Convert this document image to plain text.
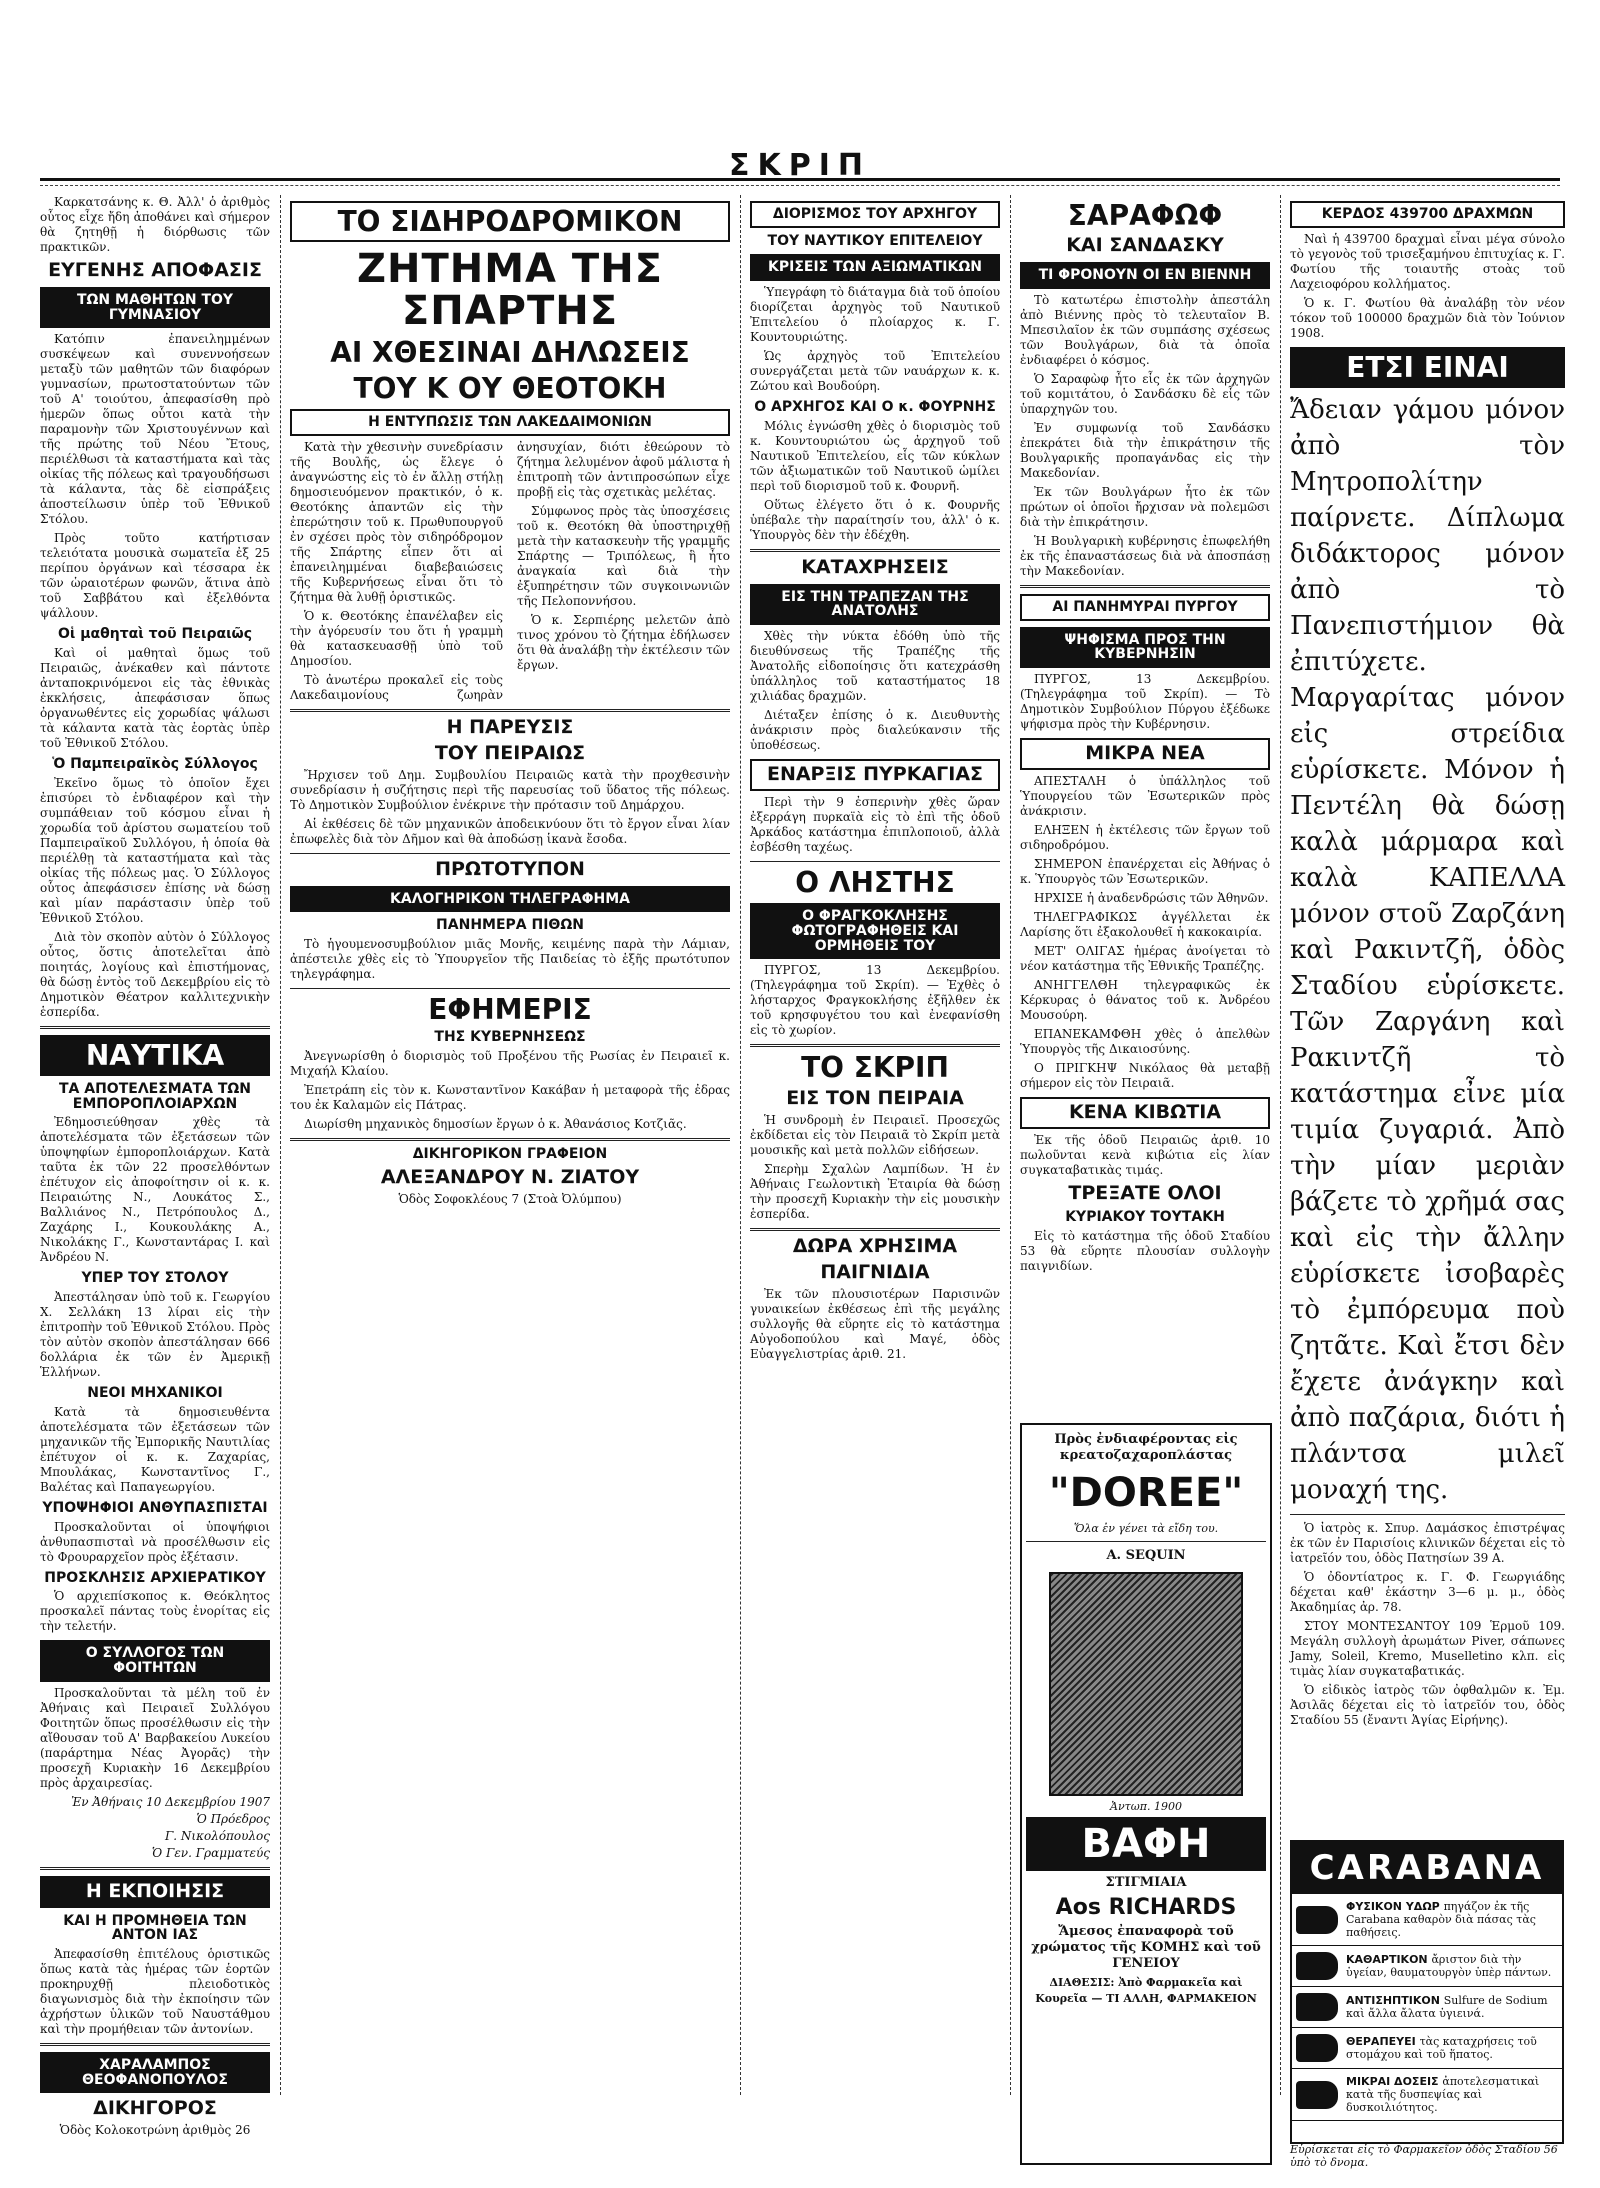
ΣΚΡΙΠ

Καρκατσάνης κ. Θ. Ἀλλ' ὁ ἀριθμὸς οὗτος εἶχε ἤδη ἀποθάνει καὶ σήμερον θὰ ζητηθῇ ἡ διόρθωσις τῶν πρακτικῶν.

ΕΥΓΕΝΗΣ ΑΠΟΦΑΣΙΣ
ΤΩΝ ΜΑΘΗΤΩΝ ΤΟΥ ΓΥΜΝΑΣΙΟΥ

Κατόπιν ἐπανειλημμένων συσκέψεων καὶ συνεννοήσεων μεταξὺ τῶν μαθητῶν τῶν διαφόρων γυμνασίων, πρωτοστατούντων τῶν τοῦ Α' τοιούτου, ἀπεφασίσθη πρὸ ἡμερῶν ὅπως οὗτοι κατὰ τὴν παραμονὴν τῶν Χριστουγέννων καὶ τῆς πρώτης τοῦ Νέου Ἔτους, περιέλθωσι τὰ καταστήματα καὶ τὰς οἰκίας τῆς πόλεως καὶ τραγουδήσωσι τὰ κάλαντα, τὰς δὲ εἰσπράξεις ἀποστείλωσιν ὑπὲρ τοῦ Ἐθνικοῦ Στόλου.

Πρὸς τοῦτο κατήρτισαν τελειότατα μουσικὰ σωματεῖα ἐξ 25 περίπου ὀργάνων καὶ τέσσαρα ἐκ τῶν ὡραιοτέρων φωνῶν, ἅτινα ἀπὸ τοῦ Σαββάτου καὶ ἐξελθόντα ψάλλουν.

Οἱ μαθηταὶ τοῦ Πειραιῶς

Καὶ οἱ μαθηταὶ ὅμως τοῦ Πειραιῶς, ἀνέκαθεν καὶ πάντοτε ἀνταποκρινόμενοι εἰς τὰς ἐθνικὰς ἐκκλήσεις, ἀπεφάσισαν ὅπως ὀργανωθέντες εἰς χορωδίας ψάλωσι τὰ κάλαντα κατὰ τὰς ἑορτὰς ὑπὲρ τοῦ Ἐθνικοῦ Στόλου.

Ὁ Παμπειραϊκὸς Σύλλογος

Ἐκεῖνο ὅμως τὸ ὁποῖον ἔχει ἐπισύρει τὸ ἐνδιαφέρον καὶ τὴν συμπάθειαν τοῦ κόσμου εἶναι ἡ χορωδία τοῦ ἀρίστου σωματείου τοῦ Παμπειραϊκοῦ Συλλόγου, ἡ ὁποία θὰ περιέλθῃ τὰ καταστήματα καὶ τὰς οἰκίας τῆς πόλεως μας. Ὁ Σύλλογος οὗτος ἀπεφάσισεν ἐπίσης νὰ δώσῃ καὶ μίαν παράστασιν ὑπὲρ τοῦ Ἐθνικοῦ Στόλου.

Διὰ τὸν σκοπὸν αὐτὸν ὁ Σύλλογος οὗτος, ὅστις ἀποτελεῖται ἀπὸ ποιητάς, λογίους καὶ ἐπιστήμονας, θὰ δώσῃ ἐντὸς τοῦ Δεκεμβρίου εἰς τὸ Δημοτικὸν Θέατρον καλλιτεχνικὴν ἑσπερίδα.

ΝΑΥΤΙΚΑ
ΤΑ ΑΠΟΤΕΛΕΣΜΑΤΑ ΤΩΝ ΕΜΠΟΡΟΠΛΟΙΑΡΧΩΝ

Ἐδημοσιεύθησαν χθὲς τὰ ἀποτελέσματα τῶν ἐξετάσεων τῶν ὑποψηφίων ἐμποροπλοιάρχων. Κατὰ ταῦτα ἐκ τῶν 22 προσελθόντων ἐπέτυχον εἰς ἀποφοίτησιν οἱ κ. κ. Πειραιώτης Ν., Λουκάτος Σ., Βαλλιάνος Ν., Πετρόπουλος Δ., Ζαχάρης Ι., Κουκουλάκης Α., Νικολάκης Γ., Κωνσταντάρας Ι. καὶ Ἀνδρέου Ν.

ΥΠΕΡ ΤΟΥ ΣΤΟΛΟΥ

Ἀπεστάλησαν ὑπὸ τοῦ κ. Γεωργίου Χ. Σελλάκη 13 λίραι εἰς τὴν ἐπιτροπὴν τοῦ Ἐθνικοῦ Στόλου. Πρὸς τὸν αὐτὸν σκοπὸν ἀπεστάλησαν 666 δολλάρια ἐκ τῶν ἐν Ἀμερικῇ Ἑλλήνων.

ΝΕΟΙ ΜΗΧΑΝΙΚΟΙ

Κατὰ τὰ δημοσιευθέντα ἀποτελέσματα τῶν ἐξετάσεων τῶν μηχανικῶν τῆς Ἐμπορικῆς Ναυτιλίας ἐπέτυχον οἱ κ. κ. Ζαχαρίας, Μπουλάκας, Κωνσταντῖνος Γ., Βαλέτας καὶ Παπαγεωργίου.

ΥΠΟΨΗΦΙΟΙ ΑΝΘΥΠΑΣΠΙΣΤΑΙ

Προσκαλοῦνται οἱ ὑποψήφιοι ἀνθυπασπισταὶ νὰ προσέλθωσιν εἰς τὸ Φρουραρχεῖον πρὸς ἐξέτασιν.

ΠΡΟΣΚΛΗΣΙΣ ΑΡΧΙΕΡΑΤΙΚΟΥ

Ὁ αρχιεπίσκοπος κ. Θεόκλητος προσκαλεῖ πάντας τοὺς ἐνορίτας εἰς τὴν τελετήν.

Ο ΣΥΛΛΟΓΟΣ ΤΩΝ ΦΟΙΤΗΤΩΝ

Προσκαλοῦνται τὰ μέλη τοῦ ἐν Ἀθήναις καὶ Πειραιεῖ Συλλόγου Φοιτητῶν ὅπως προσέλθωσιν εἰς τὴν αἴθουσαν τοῦ Α' Βαρβακείου Λυκείου (παράρτημα Νέας Ἀγορᾶς) τὴν προσεχῆ Κυριακὴν 16 Δεκεμβρίου πρὸς ἀρχαιρεσίας.

Ἐν Ἀθήναις 10 Δεκεμβρίου 1907

Ὁ Πρόεδρος

Γ. Νικολόπουλος

Ὁ Γεν. Γραμματεύς

Η ΕΚΠΟΙΗΣΙΣ
ΚΑΙ Η ΠΡΟΜΗΘΕΙΑ ΤΩΝ ΑΝΤΟΝ ΙΑΣ

Ἀπεφασίσθη ἐπιτέλους ὁριστικῶς ὅπως κατὰ τὰς ἡμέρας τῶν ἑορτῶν προκηρυχθῇ πλειοδοτικὸς διαγωνισμὸς διὰ τὴν ἐκποίησιν τῶν ἀχρήστων ὑλικῶν τοῦ Ναυστάθμου καὶ τὴν προμήθειαν τῶν ἀντονίων.

ΧΑΡΑΛΑΜΠΟΣ ΘΕΟΦΑΝΟΠΟΥΛΟΣ
ΔΙΚΗΓΟΡΟΣ

Ὁδὸς Κολοκοτρώνη ἀριθμὸς 26

ΤΟ ΣΙΔΗΡΟΔΡΟΜΙΚΟΝ
ΖΗΤΗΜΑ ΤΗΣ ΣΠΑΡΤΗΣ
ΑΙ ΧΘΕΣΙΝΑΙ ΔΗΛΩΣΕΙΣ
ΤΟΥ Κ ΟΥ ΘΕΟΤΟΚΗ
Η ΕΝΤΥΠΩΣΙΣ ΤΩΝ ΛΑΚΕΔΑΙΜΟΝΙΩΝ

Κατὰ τὴν χθεσινὴν συνεδρίασιν τῆς Βουλῆς, ὡς ἔλεγε ὁ ἀναγνώστης εἰς τὸ ἐν ἄλλῃ στήλῃ δημοσιευόμενον πρακτικόν, ὁ κ. Θεοτόκης ἀπαντῶν εἰς τὴν ἐπερώτησιν τοῦ κ. Πρωθυπουργοῦ ἐν σχέσει πρὸς τὸν σιδηρόδρομον τῆς Σπάρτης εἶπεν ὅτι αἱ ἐπανειλημμέναι διαβεβαιώσεις τῆς Κυβερνήσεως εἶναι ὅτι τὸ ζήτημα θὰ λυθῇ ὁριστικῶς.

Ὁ κ. Θεοτόκης ἐπανέλαβεν εἰς τὴν ἀγόρευσίν του ὅτι ἡ γραμμὴ θὰ κατασκευασθῇ ὑπὸ τοῦ Δημοσίου.

Τὸ ἀνωτέρω προκαλεῖ εἰς τοὺς Λακεδαιμονίους ζωηρὰν ἀνησυχίαν, διότι ἐθεώρουν τὸ ζήτημα λελυμένον ἀφοῦ μάλιστα ἡ ἐπιτροπὴ τῶν ἀντιπροσώπων εἶχε προβῇ εἰς τὰς σχετικὰς μελέτας.

Σύμφωνος πρὸς τὰς ὑποσχέσεις τοῦ κ. Θεοτόκη θὰ ὑποστηριχθῇ μετὰ τὴν κατασκευὴν τῆς γραμμῆς Σπάρτης — Τριπόλεως, ἣ ἦτο ἀναγκαία καὶ διὰ τὴν ἐξυπηρέτησιν τῶν συγκοινωνιῶν τῆς Πελοποννήσου.

Ὁ κ. Σερπιέρης μελετῶν ἀπὸ τινος χρόνου τὸ ζήτημα ἐδήλωσεν ὅτι θὰ ἀναλάβῃ τὴν ἐκτέλεσιν τῶν ἔργων.

Η ΠΑΡΕΥΣΙΣ
ΤΟΥ ΠΕΙΡΑΙΩΣ

Ἤρχισεν τοῦ Δημ. Συμβουλίου Πειραιῶς κατὰ τὴν προχθεσινὴν συνεδρίασιν ἡ συζήτησις περὶ τῆς παρευσίας τοῦ ὕδατος τῆς πόλεως. Τὸ Δημοτικὸν Συμβούλιον ἐνέκρινε τὴν πρότασιν τοῦ Δημάρχου.

Αἱ ἐκθέσεις δὲ τῶν μηχανικῶν ἀποδεικνύουν ὅτι τὸ ἔργον εἶναι λίαν ἐπωφελὲς διὰ τὸν Δῆμον καὶ θὰ ἀποδώσῃ ἱκανὰ ἔσοδα.

ΠΡΩΤΟΤΥΠΟΝ
ΚΑΛΟΓΗΡΙΚΟΝ ΤΗΛΕΓΡΑΦΗΜΑ
ΠΑΝΗΜΕΡΑ ΠΙΘΩΝ

Τὸ ἡγουμενοσυμβούλιον μιᾶς Μονῆς, κειμένης παρὰ τὴν Λάμιαν, ἀπέστειλε χθὲς εἰς τὸ Ὑπουργεῖον τῆς Παιδείας τὸ ἑξῆς πρωτότυπον τηλεγράφημα.

ΕΦΗΜΕΡΙΣ
ΤΗΣ ΚΥΒΕΡΝΗΣΕΩΣ

Ἀνεγνωρίσθη ὁ διορισμὸς τοῦ Προξένου τῆς Ρωσίας ἐν Πειραιεῖ κ. Μιχαήλ Κλαίου.

Ἐπετράπη εἰς τὸν κ. Κωνσταντῖνον Κακάβαν ἡ μεταφορὰ τῆς ἐδρας του ἐκ Καλαμῶν εἰς Πάτρας.

Διωρίσθη μηχανικὸς δημοσίων ἔργων ὁ κ. Ἀθανάσιος Κοτζιᾶς.

ΔΙΚΗΓΟΡΙΚΟΝ ΓΡΑΦΕΙΟΝ
ΑΛΕΞΑΝΔΡΟΥ Ν. ΖΙΑΤΟΥ

Ὁδὸς Σοφοκλέους 7 (Στοὰ Ὀλύμπου)

ΔΙΟΡΙΣΜΟΣ ΤΟΥ ΑΡΧΗΓΟΥ
ΤΟΥ ΝΑΥΤΙΚΟΥ ΕΠΙΤΕΛΕΙΟΥ
ΚΡΙΣΕΙΣ ΤΩΝ ΑΞΙΩΜΑΤΙΚΩΝ

Ὑπεγράφη τὸ διάταγμα διὰ τοῦ ὁποίου διορίζεται ἀρχηγὸς τοῦ Ναυτικοῦ Ἐπιτελείου ὁ πλοίαρχος κ. Γ. Κουντουριώτης.

Ὡς ἀρχηγὸς τοῦ Ἐπιτελείου συνεργάζεται μετὰ τῶν ναυάρχων κ. κ. Ζώτου καὶ Βουδούρη.

Ο ΑΡΧΗΓΟΣ ΚΑΙ Ο κ. ΦΟΥΡΝΗΣ

Μόλις ἐγνώσθη χθὲς ὁ διορισμὸς τοῦ κ. Κουντουριώτου ὡς ἀρχηγοῦ τοῦ Ναυτικοῦ Ἐπιτελείου, εἷς τῶν κύκλων τῶν ἀξιωματικῶν τοῦ Ναυτικοῦ ὡμίλει περὶ τοῦ διορισμοῦ τοῦ κ. Φουρνῆ.

Οὕτως ἐλέγετο ὅτι ὁ κ. Φουρνῆς ὑπέβαλε τὴν παραίτησίν του, ἀλλ' ὁ κ. Ὑπουργὸς δὲν τὴν ἐδέχθη.

ΚΑΤΑΧΡΗΣΕΙΣ
ΕΙΣ ΤΗΝ ΤΡΑΠΕΖΑΝ ΤΗΣ ΑΝΑΤΟΛΗΣ

Χθὲς τὴν νύκτα ἐδόθη ὑπὸ τῆς διευθύνσεως τῆς Τραπέζης τῆς Ἀνατολῆς εἰδοποίησις ὅτι κατεχράσθη ὑπάλληλος τοῦ καταστήματος 18 χιλιάδας δραχμῶν.

Διέταξεν ἐπίσης ὁ κ. Διευθυντὴς ἀνάκρισιν πρὸς διαλεύκανσιν τῆς ὑποθέσεως.

ΕΝΑΡΞΙΣ ΠΥΡΚΑΓΙΑΣ

Περὶ τὴν 9 ἐσπερινὴν χθὲς ὥραν ἐξερράγη πυρκαϊὰ εἰς τὸ ἐπὶ τῆς ὁδοῦ Ἀρκάδος κατάστημα ἐπιπλοποιοῦ, ἀλλὰ ἐσβέσθη ταχέως.

Ο ΛΗΣΤΗΣ
Ο ΦΡΑΓΚΟΚΛΗΣΗΣ ΦΩΤΟΓΡΑΦΗΘΕΙΣ ΚΑΙ ΟΡΜΗΘΕΙΣ ΤΟΥ

ΠΥΡΓΟΣ, 13 Δεκεμβρίου. (Τηλεγράφημα τοῦ Σκρίπ). — Ἐχθὲς ὁ λήσταρχος Φραγκοκλήσης ἐξῆλθεν ἐκ τοῦ κρησφυγέτου του καὶ ἐνεφανίσθη εἰς τὸ χωρίον.

ΤΟ ΣΚΡΙΠ
ΕΙΣ ΤΟΝ ΠΕΙΡΑΙΑ

Ἡ συνδρομὴ ἐν Πειραιεῖ. Προσεχῶς ἐκδίδεται εἰς τὸν Πειραιᾶ τὸ Σκρίπ μετὰ μουσικῆς καὶ μετὰ πολλῶν εἰδήσεων.

Σπερὴμ Σχαλὼν Λαμπίδων. Ἡ ἐν Ἀθήναις Γεωλοντικὴ Ἑταιρία θὰ δώσῃ τὴν προσεχῆ Κυριακὴν τὴν εἰς μουσικὴν ἑσπερίδα.

ΔΩΡΑ ΧΡΗΣΙΜΑ
ΠΑΙΓΝΙΔΙΑ

Ἐκ τῶν πλουσιοτέρων Παρισινῶν γυναικείων ἐκθέσεως ἐπὶ τῆς μεγάλης συλλογῆς θὰ εὕρητε εἰς τὸ κατάστημα Αὐγοδοπούλου καὶ Μαγέ, ὁδὸς Εὐαγγελιστρίας ἀριθ. 21.

ΣΑΡΑΦΩΦ
ΚΑΙ ΣΑΝΔΑΣΚΥ
ΤΙ ΦΡΟΝΟΥΝ ΟΙ ΕΝ ΒΙΕΝΝΗ

Τὸ κατωτέρω ἐπιστολὴν ἀπεστάλη ἀπὸ Βιέννης πρὸς τὸ τελευταῖον Β. Μπεσιλαῖον ἐκ τῶν συμπάσης σχέσεως τῶν Βουλγάρων, διὰ τὰ ὁποῖα ἐνδιαφέρει ὁ κόσμος.

Ὁ Σαραφὼφ ἦτο εἷς ἐκ τῶν ἀρχηγῶν τοῦ κομιτάτου, ὁ Σανδάσκυ δὲ εἷς τῶν ὑπαρχηγῶν του.

Ἐν συμφωνίᾳ τοῦ Σανδάσκυ ἐπεκράτει διὰ τὴν ἐπικράτησιν τῆς Βουλγαρικῆς προπαγάνδας εἰς τὴν Μακεδονίαν.

Ἐκ τῶν Βουλγάρων ἦτο ἐκ τῶν πρώτων οἱ ὁποῖοι ἤρχισαν νὰ πολεμῶσι διὰ τὴν ἐπικράτησιν.

Ἡ Βουλγαρικὴ κυβέρνησις ἐπωφελήθη ἐκ τῆς ἐπαναστάσεως διὰ νὰ ἀποσπάσῃ τὴν Μακεδονίαν.

ΑΙ ΠΑΝΗΜΥΡΑΙ ΠΥΡΓΟΥ
ΨΗΦΙΣΜΑ ΠΡΟΣ ΤΗΝ ΚΥΒΕΡΝΗΣΙΝ

ΠΥΡΓΟΣ, 13 Δεκεμβρίου. (Τηλεγράφημα τοῦ Σκρίπ). — Τὸ Δημοτικὸν Συμβούλιον Πύργου ἐξέδωκε ψήφισμα πρὸς τὴν Κυβέρνησιν.

ΜΙΚΡΑ ΝΕΑ

ΑΠΕΣΤΑΛΗ ὁ ὑπάλληλος τοῦ Ὑπουργείου τῶν Ἐσωτερικῶν πρὸς ἀνάκρισιν.

ΕΛΗΞΕΝ ἡ ἐκτέλεσις τῶν ἔργων τοῦ σιδηροδρόμου.

ΣΗΜΕΡΟΝ ἐπανέρχεται εἰς Ἀθήνας ὁ κ. Ὑπουργὸς τῶν Ἐσωτερικῶν.

ΗΡΧΙΣΕ ἡ ἀναδενδρώσις τῶν Ἀθηνῶν.

ΤΗΛΕΓΡΑΦΙΚΩΣ ἀγγέλλεται ἐκ Λαρίσης ὅτι ἐξακολουθεῖ ἡ κακοκαιρία.

ΜΕΤ' ΟΛΙΓΑΣ ἡμέρας ἀνοίγεται τὸ νέον κατάστημα τῆς Ἐθνικῆς Τραπέζης.

ΑΝΗΓΓΕΛΘΗ τηλεγραφικῶς ἐκ Κέρκυρας ὁ θάνατος τοῦ κ. Ἀνδρέου Μουσούρη.

ΕΠΑΝΕΚΑΜΦΘΗ χθὲς ὁ ἀπελθὼν Ὑπουργὸς τῆς Δικαιοσύνης.

Ο ΠΡΙΓΚΗΨ Νικόλαος θὰ μεταβῇ σήμερον εἰς τὸν Πειραιᾶ.

ΚΕΝΑ ΚΙΒΩΤΙΑ

Ἐκ τῆς ὁδοῦ Πειραιῶς ἀριθ. 10 πωλοῦνται κενὰ κιβώτια εἰς λίαν συγκαταβατικὰς τιμάς.

ΤΡΕΞΑΤΕ ΟΛΟΙ
ΚΥΡΙΑΚΟΥ ΤΟΥΤΑΚΗ

Εἰς τὸ κατάστημα τῆς ὁδοῦ Σταδίου 53 θὰ εὕρητε πλουσίαν συλλογὴν παιγνιδίων.

ΚΕΡΔΟΣ 439700 ΔΡΑΧΜΩΝ

Ναὶ ἡ 439700 δραχμαὶ εἶναι μέγα σύνολο τὸ γεγονὸς τοῦ τρισεξαμήνου ἐπιτυχίας κ. Γ. Φωτίου τῆς τοιαυτῆς στοὰς τοῦ Λαχειοφόρου κολλήματος.

Ὁ κ. Γ. Φωτίου θὰ ἀναλάβῃ τὸν νέον τόκον τοῦ 100000 δραχμῶν διὰ τὸν Ἰούνιον 1908.

ΕΤΣΙ ΕΙΝΑΙ
Ἄδειαν γάμου μόνον ἀπὸ τὸν Μητροπολίτην παίρνετε. Δίπλωμα διδάκτορος μόνον ἀπὸ τὸ Πανεπιστήμιον θὰ ἐπιτύχετε. Μαργαρίτας μόνον εἰς στρείδια εὑρίσκετε. Μόνον ἡ Πεντέλη θὰ δώσῃ καλὰ μάρμαρα καὶ καλὰ ΚΑΠΕΛΛΑ μόνον στοῦ Ζαρζάνη καὶ Ρακιντζῆ, ὁδὸς Σταδίου εὑρίσκετε. Τῶν Ζαργάνη καὶ Ρακιντζῆ τὸ κατάστημα εἶνε μία τιμία ζυγαριά. Ἀπὸ τὴν μίαν μεριὰν βάζετε τὸ χρῆμά σας καὶ εἰς τὴν ἄλλην εὑρίσκετε ἰσοβαρὲς τὸ ἐμπόρευμα ποὺ ζητᾶτε. Καὶ ἔτσι δὲν ἔχετε ἀνάγκην καὶ ἀπὸ παζάρια, διότι ἡ πλάντσα μιλεῖ μοναχή της.

Ὁ ἰατρὸς κ. Σπυρ. Δαμάσκος ἐπιστρέψας ἐκ τῶν ἐν Παρισίοις κλινικῶν δέχεται εἰς τὸ ἰατρεῖόν του, ὁδὸς Πατησίων 39 Α.

Ὁ ὀδοντίατρος κ. Γ. Φ. Γεωργιάδης δέχεται καθ' ἑκάστην 3—6 μ. μ., ὁδὸς Ἀκαδημίας ἀρ. 78.

ΣΤΟΥ ΜΟΝΤΕΣΑΝΤΟΥ 109 Ἑρμοῦ 109. Μεγάλη συλλογὴ ἀρωμάτων Piver, σάπωνες Jamy, Soleil, Kremo, Muselletino κλπ. εἰς τιμὰς λίαν συγκαταβατικάς.

Ὁ εἰδικὸς ἰατρὸς τῶν ὀφθαλμῶν κ. Ἐμ. Ἀσιλᾶς δέχεται εἰς τὸ ἰατρεῖόν του, ὁδὸς Σταδίου 55 (ἔναντι Ἁγίας Εἰρήνης).

Πρὸς ἐνδιαφέροντας εἰς κρεατοζαχαροπλάστας
"DOREE"
Ὅλα ἐν γένει τὰ εἴδη του.
A. SEQUIN
Ἀντωπ. 1900
ΒΑΦΗ
ΣΤΙΓΜΙΑΙΑ
Aos RICHARDS
Ἄμεσος ἐπαναφορὰ τοῦ χρώματος τῆς ΚΟΜΗΣ καὶ τοῦ ΓΕΝΕΙΟΥ
ΔΙΑΘΕΣΙΣ: Ἀπὸ Φαρμακεῖα καὶ Κουρεῖα — ΤΙ ΑΛΛΗ, ΦΑΡΜΑΚΕΙΟΝ
CARABANA
ΦΥΣΙΚΟΝ ΥΔΩΡ πηγάζον ἐκ τῆς Carabana καθαρὸν διὰ πάσας τὰς παθήσεις.
ΚΑΘΑΡΤΙΚΟΝ ἄριστον διὰ τὴν ὑγείαν, θαυματουργὸν ὑπὲρ πάντων.
ΑΝΤΙΣΗΠΤΙΚΟΝ Sulfure de Sodium καὶ ἄλλα ἄλατα ὑγιεινά.
ΘΕΡΑΠΕΥΕΙ τὰς καταχρήσεις τοῦ στομάχου καὶ τοῦ ἥπατος.
ΜΙΚΡΑΙ ΔΟΣΕΙΣ ἀποτελεσματικαὶ κατὰ τῆς δυσπεψίας καὶ δυσκοιλιότητος.
Εὑρίσκεται εἰς τὸ Φαρμακεῖον ὁδὸς Σταδίου 56 ὑπὸ τὸ δνομα.
